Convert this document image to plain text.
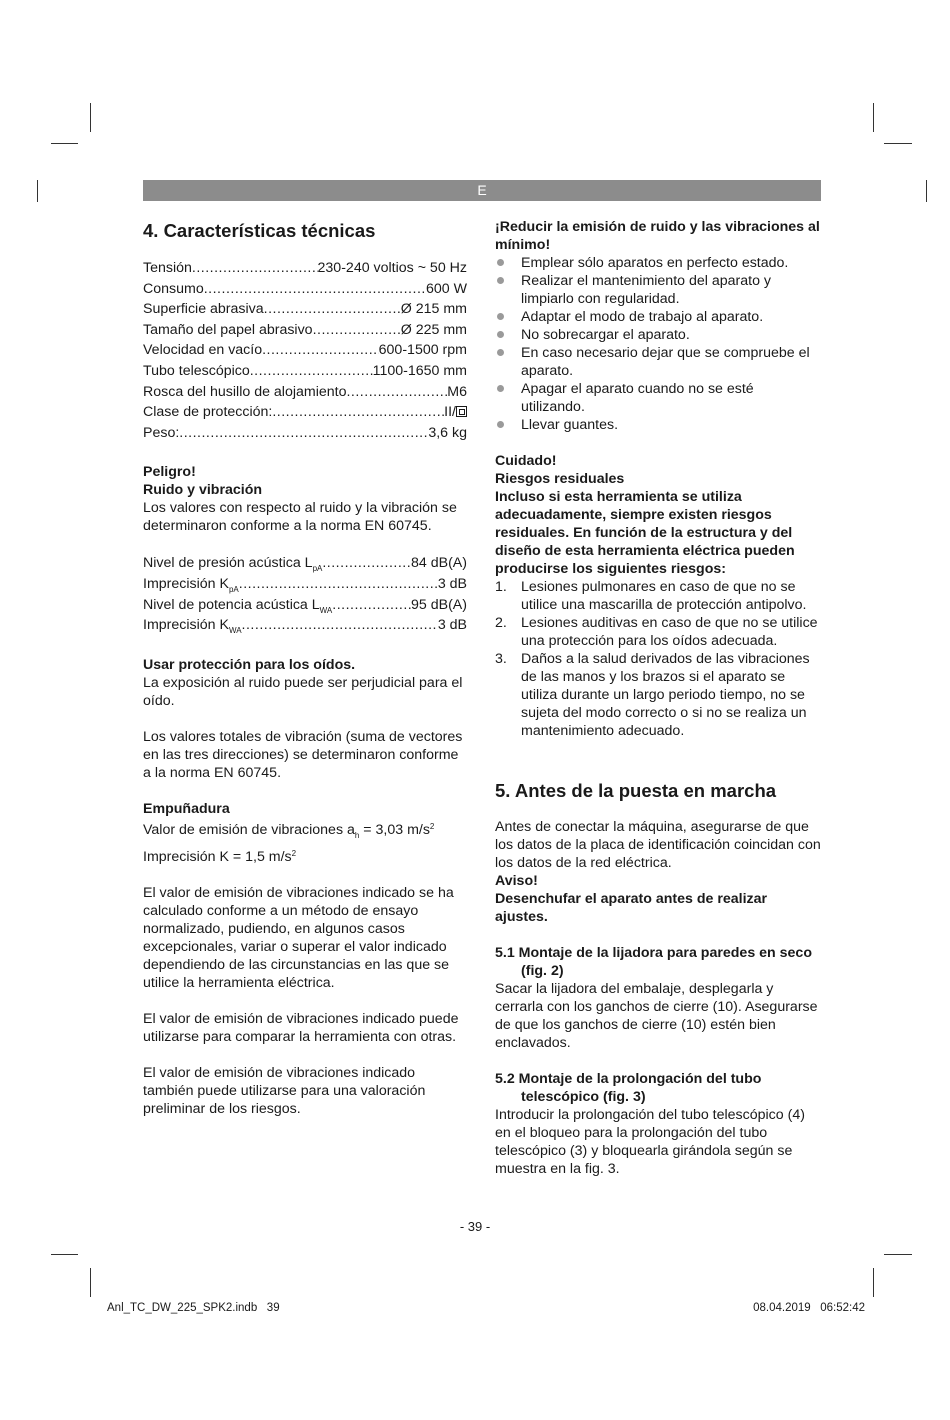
E
4. Características técnicas
Tensión .....	230-240 voltios ~ 50 Hz
Consumo .....	600 W
Superficie abrasiva .....	Ø 215 mm
Tamaño del papel abrasivo .....	Ø 225 mm
Velocidad en vacío .....	600-1500 rpm
Tubo telescópico .....	1100-1650 mm
Rosca del husillo de alojamiento .....	M6
Clase de protección: .....	II/
Peso: .....	3,6 kg

Peligro!

Ruido y vibración

Los valores con respecto al ruido y la vibración se determinaron conforme a la norma EN 60745.

Nivel de presión acústica $L_{pA}$ .....	84 dB(A)
Imprecisión $K_{pA}$ .....	3 dB
Nivel de potencia acústica $L_{WA}$ .....	95 dB(A)
Imprecisión $K_{WA}$ .....	3 dB

Usar protección para los oídos.

La exposición al ruido puede ser perjudicial para el oído.

Los valores totales de vibración (suma de vectores en las tres direcciones) se determinaron conforme a la norma EN 60745.

Empuñadura

Valor de emisión de vibraciones $a_h = 3,03$ $m/s^2$

Imprecisión K = 1,5 $m/s^2$

El valor de emisión de vibraciones indicado se ha calculado conforme a un método de ensayo normalizado, pudiendo, en algunos casos excepcionales, variar o superar el valor indicado dependiendo de las circunstancias en las que se utilice la herramienta eléctrica.

El valor de emisión de vibraciones indicado puede utilizarse para comparar la herramienta con otras.

El valor de emisión de vibraciones indicado también puede utilizarse para una valoración preliminar de los riesgos.

¡Reducir la emisión de ruido y las vibraciones al mínimo!

Emplear sólo aparatos en perfecto estado.
Realizar el mantenimiento del aparato y limpiarlo con regularidad.
Adaptar el modo de trabajo al aparato.
No sobrecargar el aparato.
En caso necesario dejar que se compruebe el aparato.
Apagar el aparato cuando no se esté utilizando.
Llevar guantes.

Cuidado!

Riesgos residuales

Incluso si esta herramienta se utiliza adecuadamente, siempre existen riesgos residuales. En función de la estructura y del diseño de esta herramienta eléctrica pueden producirse los siguientes riesgos:

1. Lesiones pulmonares en caso de que no se utilice una mascarilla de protección antipolvo.
2. Lesiones auditivas en caso de que no se utilice una protección para los oídos adecuada.
3. Daños a la salud derivados de las vibraciones de las manos y los brazos si el aparato se utiliza durante un largo periodo tiempo, no se sujeta del modo correcto o si no se realiza un mantenimiento adecuado.
5. Antes de la puesta en marcha

Antes de conectar la máquina, asegurarse de que los datos de la placa de identificación coincidan con los datos de la red eléctrica.

Aviso!

Desenchufar el aparato antes de realizar ajustes.

5.1 Montaje de la lijadora para paredes en seco (fig. 2)

Sacar la lijadora del embalaje, desplegarla y cerrarla con los ganchos de cierre (10). Asegurarse de que los ganchos de cierre (10) estén bien enclavados.

5.2 Montaje de la prolongación del tubo telescópico (fig. 3)

Introducir la prolongación del tubo telescópico (4) en el bloqueo para la prolongación del tubo telescópico (3) y bloquearla girándola según se muestra en la fig. 3.

- 39 -
Anl_TC_DW_225_SPK2.indb   39	08.04.2019   06:52:42
